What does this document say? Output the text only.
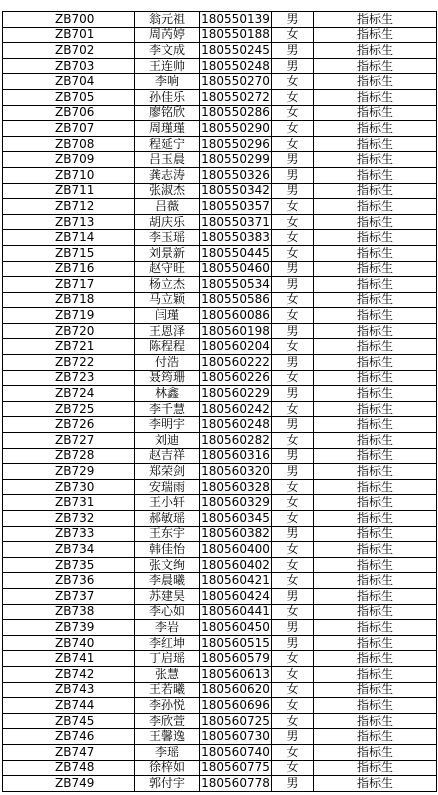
ZB700	翁元祖	180550139	男	指标生
ZB701	周芮婷	180550188	女	指标生
ZB702	李文成	180550245	男	指标生
ZB703	王连帅	180550248	男	指标生
ZB704	李响	180550270	女	指标生
ZB705	孙佳乐	180550272	女	指标生
ZB706	廖铭欣	180550286	女	指标生
ZB707	周瑾瑾	180550290	女	指标生
ZB708	程延宁	180550296	女	指标生
ZB709	吕玉晨	180550299	男	指标生
ZB710	龚志涛	180550326	男	指标生
ZB711	张淑杰	180550342	男	指标生
ZB712	吕薇	180550357	女	指标生
ZB713	胡庆乐	180550371	女	指标生
ZB714	李玉瑶	180550383	女	指标生
ZB715	刘景新	180550445	女	指标生
ZB716	赵守旺	180550460	男	指标生
ZB717	杨立杰	180550534	男	指标生
ZB718	马立颖	180550586	女	指标生
ZB719	闫瑾	180560086	女	指标生
ZB720	王恩泽	180560198	男	指标生
ZB721	陈程程	180560204	女	指标生
ZB722	付浩	180560222	男	指标生
ZB723	聂筠珊	180560226	女	指标生
ZB724	林鑫	180560229	男	指标生
ZB725	李千慧	180560242	女	指标生
ZB726	李明宇	180560248	男	指标生
ZB727	刘迪	180560282	女	指标生
ZB728	赵吉祥	180560316	男	指标生
ZB729	郑荣剑	180560320	男	指标生
ZB730	安瑞雨	180560328	女	指标生
ZB731	王小轩	180560329	女	指标生
ZB732	郝敏瑶	180560345	女	指标生
ZB733	王东宇	180560382	男	指标生
ZB734	韩佳怡	180560400	女	指标生
ZB735	张文绚	180560402	女	指标生
ZB736	李晨曦	180560421	女	指标生
ZB737	苏建昊	180560424	男	指标生
ZB738	李心如	180560441	女	指标生
ZB739	李岩	180560450	男	指标生
ZB740	李红坤	180560515	男	指标生
ZB741	丁启瑶	180560579	女	指标生
ZB742	张慧	180560613	女	指标生
ZB743	王若曦	180560620	女	指标生
ZB744	李孙悦	180560696	女	指标生
ZB745	李欣萱	180560725	女	指标生
ZB746	王馨逸	180560730	男	指标生
ZB747	李瑶	180560740	女	指标生
ZB748	徐梓如	180560775	女	指标生
ZB749	郭付宇	180560778	男	指标生
